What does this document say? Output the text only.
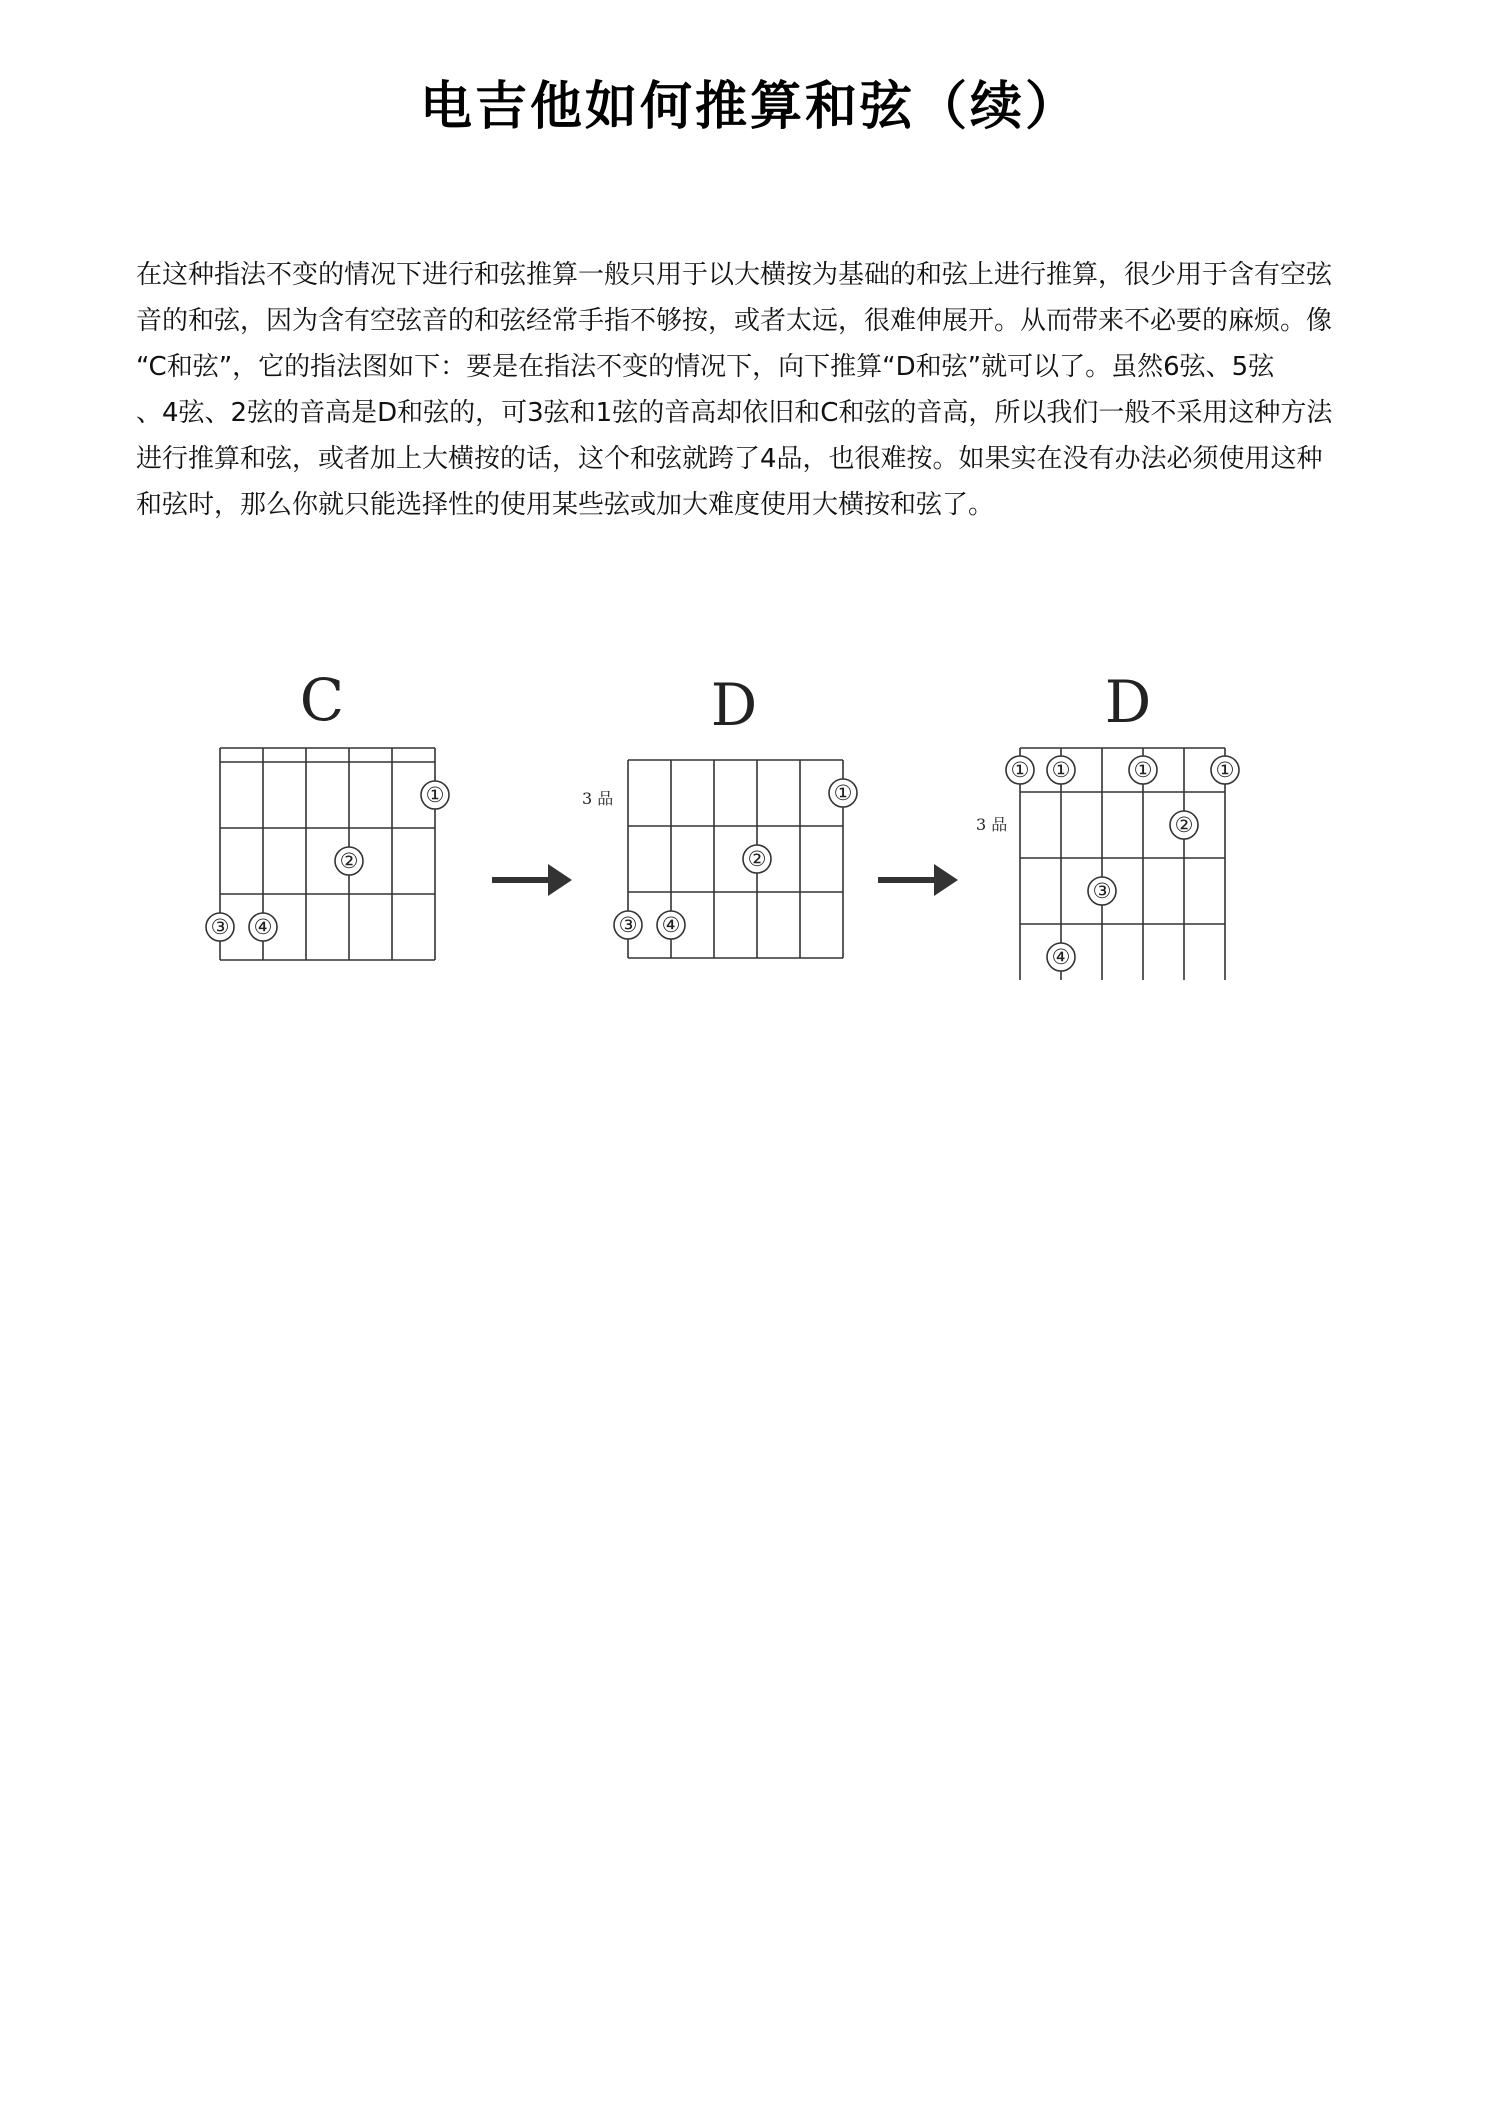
电吉他如何推算和弦（续）
在这种指法不变的情况下进行和弦推算一般只用于以大横按为基础的和弦上进行推算，很少用于含有空弦
音的和弦，因为含有空弦音的和弦经常手指不够按，或者太远，很难伸展开。从而带来不必要的麻烦。像
“C和弦”，它的指法图如下：要是在指法不变的情况下，向下推算“D和弦”就可以了。虽然6弦、5弦
、4弦、2弦的音高是D和弦的，可3弦和1弦的音高却依旧和C和弦的音高，所以我们一般不采用这种方法
进行推算和弦，或者加上大横按的话，这个和弦就跨了4品，也很难按。如果实在没有办法必须使用这种
和弦时，那么你就只能选择性的使用某些弦或加大难度使用大横按和弦了。
C
①
②
③ ④
D
3 品	①
②
③ ④
D
3 品
① ①	①	①
②
③
④
